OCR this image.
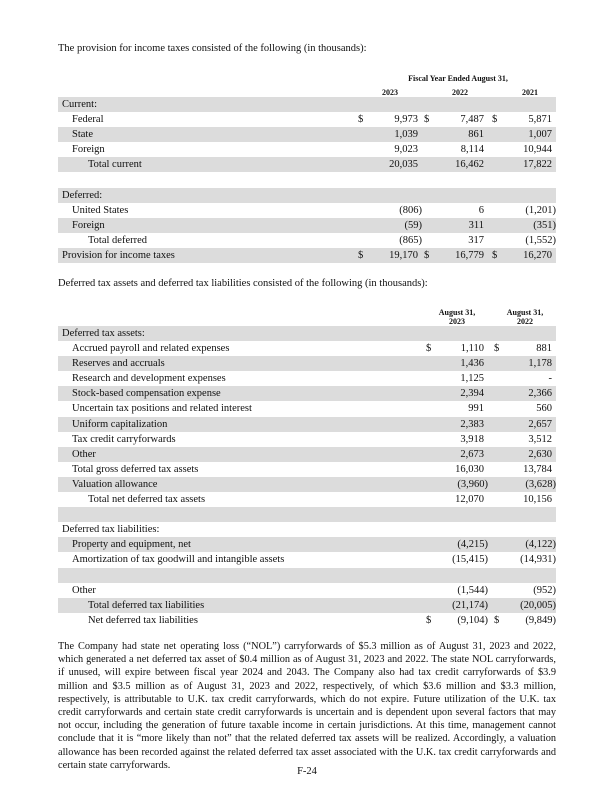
The provision for income taxes consisted of the following (in thousands):

Fiscal Year Ended August 31,
2023	2022	2021
Current:
Federal	$	9,973 $	7,487 $	5,871
State	1,039	861	1,007
Foreign	9,023	8,114	10,944
Total current	20,035	16,462	17,822
Deferred:
United States	(806)	6	(1,201)
Foreign	(59)	311	(351)
Total deferred	(865)	317	(1,552)
Provision for income taxes	$ 19,170 $ 16,779 $ 16,270

Deferred tax assets and deferred tax liabilities consisted of the following (in thousands):

August 31,
2023
August 31,
2022
Deferred tax assets:
Accrued payroll and related expenses	$	1,110 $	881
Reserves and accruals	1,436	1,178
Research and development expenses	1,125	-
Stock-based compensation expense	2,394	2,366
Uncertain tax positions and related interest	991	560
Uniform capitalization	2,383	2,657
Tax credit carryforwards	3,918	3,512
Other	2,673	2,630
Total gross deferred tax assets	16,030	13,784
Valuation allowance	(3,960)	(3,628)
Total net deferred tax assets	12,070	10,156
Deferred tax liabilities:
Property and equipment, net	(4,215)	(4,122)
Amortization of tax goodwill and intangible assets	(15,415)	(14,931)
Other	(1,544)	(952)
Total deferred tax liabilities	(21,174)	(20,005)
Net deferred tax liabilities	$ (9,104) $ (9,849)

The Company had state net operating loss (“NOL”) carryforwards of $5.3 million as of August 31, 2023 and 2022, which generated a net deferred tax asset of $0.4 million as of August 31, 2023 and 2022. The state NOL carryforwards, if unused, will expire between fiscal year 2024 and 2043. The Company also had tax credit carryforwards of $3.9 million and $3.5 million as of August 31, 2023 and 2022, respectively, of which $3.6 million and $3.3 million, respectively, is attributable to U.K. tax credit carryforwards, which do not expire. Future utilization of the U.K. tax credit carryforwards and certain state credit carryforwards is uncertain and is dependent upon several factors that may not occur, including the generation of future taxable income in certain jurisdictions. At this time, management cannot conclude that it is “more likely than not” that the related deferred tax assets will be realized. Accordingly, a valuation allowance has been recorded against the related deferred tax asset associated with the U.K. tax credit carryforwards and certain state carryforwards.

F-24
